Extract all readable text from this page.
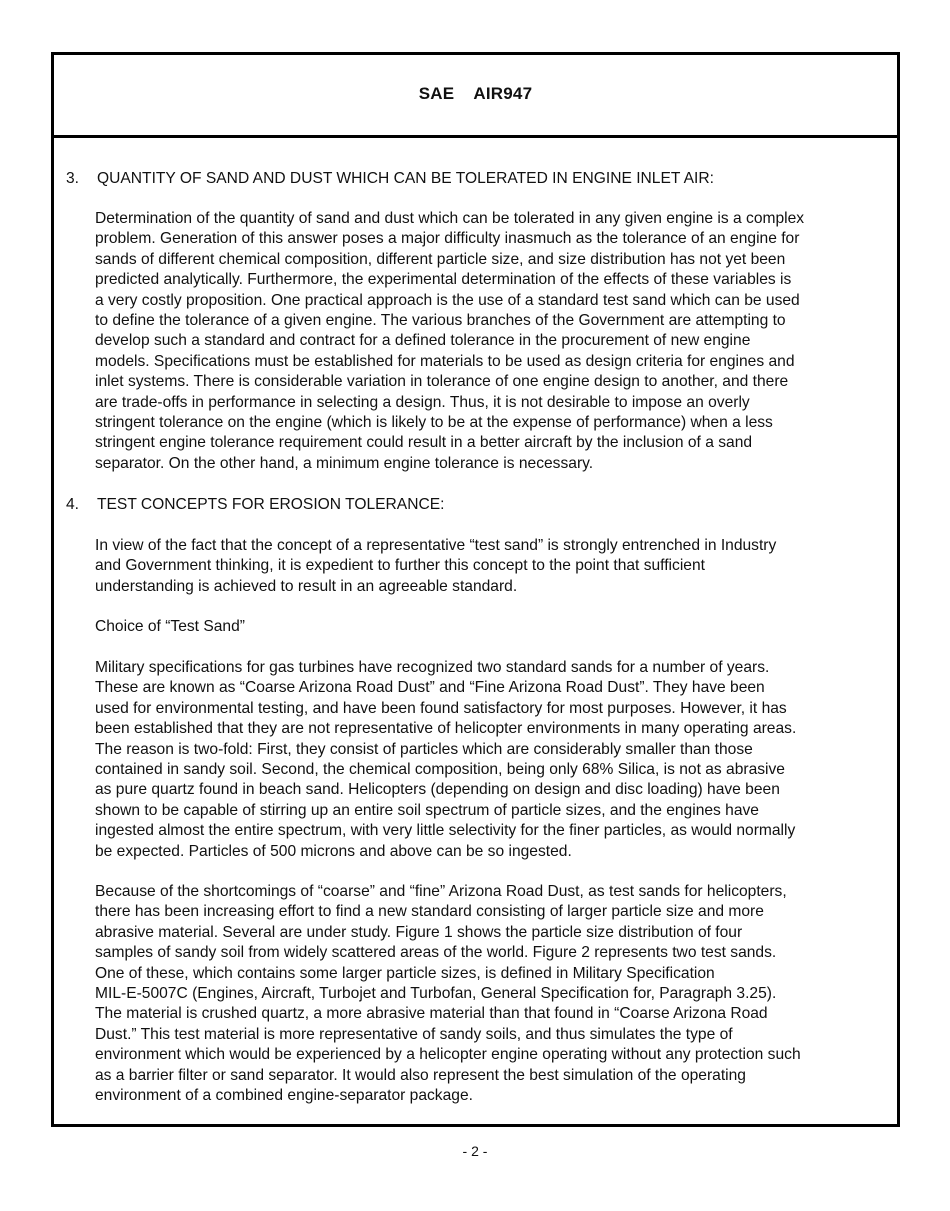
SAE    AIR947
3. QUANTITY OF SAND AND DUST WHICH CAN BE TOLERATED IN ENGINE INLET AIR:

Determination of the quantity of sand and dust which can be tolerated in any given engine is a complex
problem. Generation of this answer poses a major difficulty inasmuch as the tolerance of an engine for
sands of different chemical composition, different particle size, and size distribution has not yet been
predicted analytically. Furthermore, the experimental determination of the effects of these variables is
a very costly proposition. One practical approach is the use of a standard test sand which can be used
to define the tolerance of a given engine. The various branches of the Government are attempting to
develop such a standard and contract for a defined tolerance in the procurement of new engine
models. Specifications must be established for materials to be used as design criteria for engines and
inlet systems. There is considerable variation in tolerance of one engine design to another, and there
are trade-offs in performance in selecting a design. Thus, it is not desirable to impose an overly
stringent tolerance on the engine (which is likely to be at the expense of performance) when a less
stringent engine tolerance requirement could result in a better aircraft by the inclusion of a sand
separator. On the other hand, a minimum engine tolerance is necessary.

4. TEST CONCEPTS FOR EROSION TOLERANCE:

In view of the fact that the concept of a representative “test sand” is strongly entrenched in Industry
and Government thinking, it is expedient to further this concept to the point that sufficient
understanding is achieved to result in an agreeable standard.

Choice of “Test Sand”

Military specifications for gas turbines have recognized two standard sands for a number of years.
These are known as “Coarse Arizona Road Dust” and “Fine Arizona Road Dust”. They have been
used for environmental testing, and have been found satisfactory for most purposes. However, it has
been established that they are not representative of helicopter environments in many operating areas.
The reason is two-fold: First, they consist of particles which are considerably smaller than those
contained in sandy soil. Second, the chemical composition, being only 68% Silica, is not as abrasive
as pure quartz found in beach sand. Helicopters (depending on design and disc loading) have been
shown to be capable of stirring up an entire soil spectrum of particle sizes, and the engines have
ingested almost the entire spectrum, with very little selectivity for the finer particles, as would normally
be expected. Particles of 500 microns and above can be so ingested.

Because of the shortcomings of “coarse” and “fine” Arizona Road Dust, as test sands for helicopters,
there has been increasing effort to find a new standard consisting of larger particle size and more
abrasive material. Several are under study. Figure 1 shows the particle size distribution of four
samples of sandy soil from widely scattered areas of the world. Figure 2 represents two test sands.
One of these, which contains some larger particle sizes, is defined in Military Specification
MIL-E-5007C (Engines, Aircraft, Turbojet and Turbofan, General Specification for, Paragraph 3.25).
The material is crushed quartz, a more abrasive material than that found in “Coarse Arizona Road
Dust.” This test material is more representative of sandy soils, and thus simulates the type of
environment which would be experienced by a helicopter engine operating without any protection such
as a barrier filter or sand separator. It would also represent the best simulation of the operating
environment of a combined engine-separator package.

- 2 -
